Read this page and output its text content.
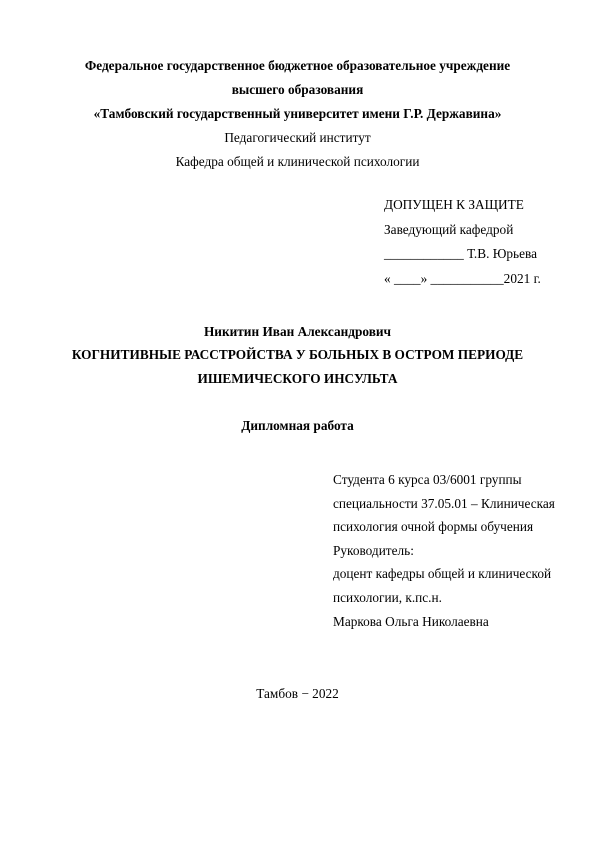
Федеральное государственное бюджетное образовательное учреждение
высшего образования
«Тамбовский государственный университет имени Г.Р. Державина»
Педагогический институт
Кафедра общей и клинической психологии
ДОПУЩЕН К ЗАЩИТЕ
Заведующий кафедрой
____________ Т.В. Юрьева
« ____» ___________2021 г.
Никитин Иван Александрович
КОГНИТИВНЫЕ РАССТРОЙСТВА У БОЛЬНЫХ В ОСТРОМ ПЕРИОДЕ
ИШЕМИЧЕСКОГО ИНСУЛЬТА
Дипломная работа
Студента 6 курса 03/6001 группы
специальности 37.05.01 – Клиническая
психология очной формы обучения
Руководитель:
доцент кафедры общей и клинической
психологии, к.пс.н.
Маркова Ольга Николаевна
Тамбов − 2022
